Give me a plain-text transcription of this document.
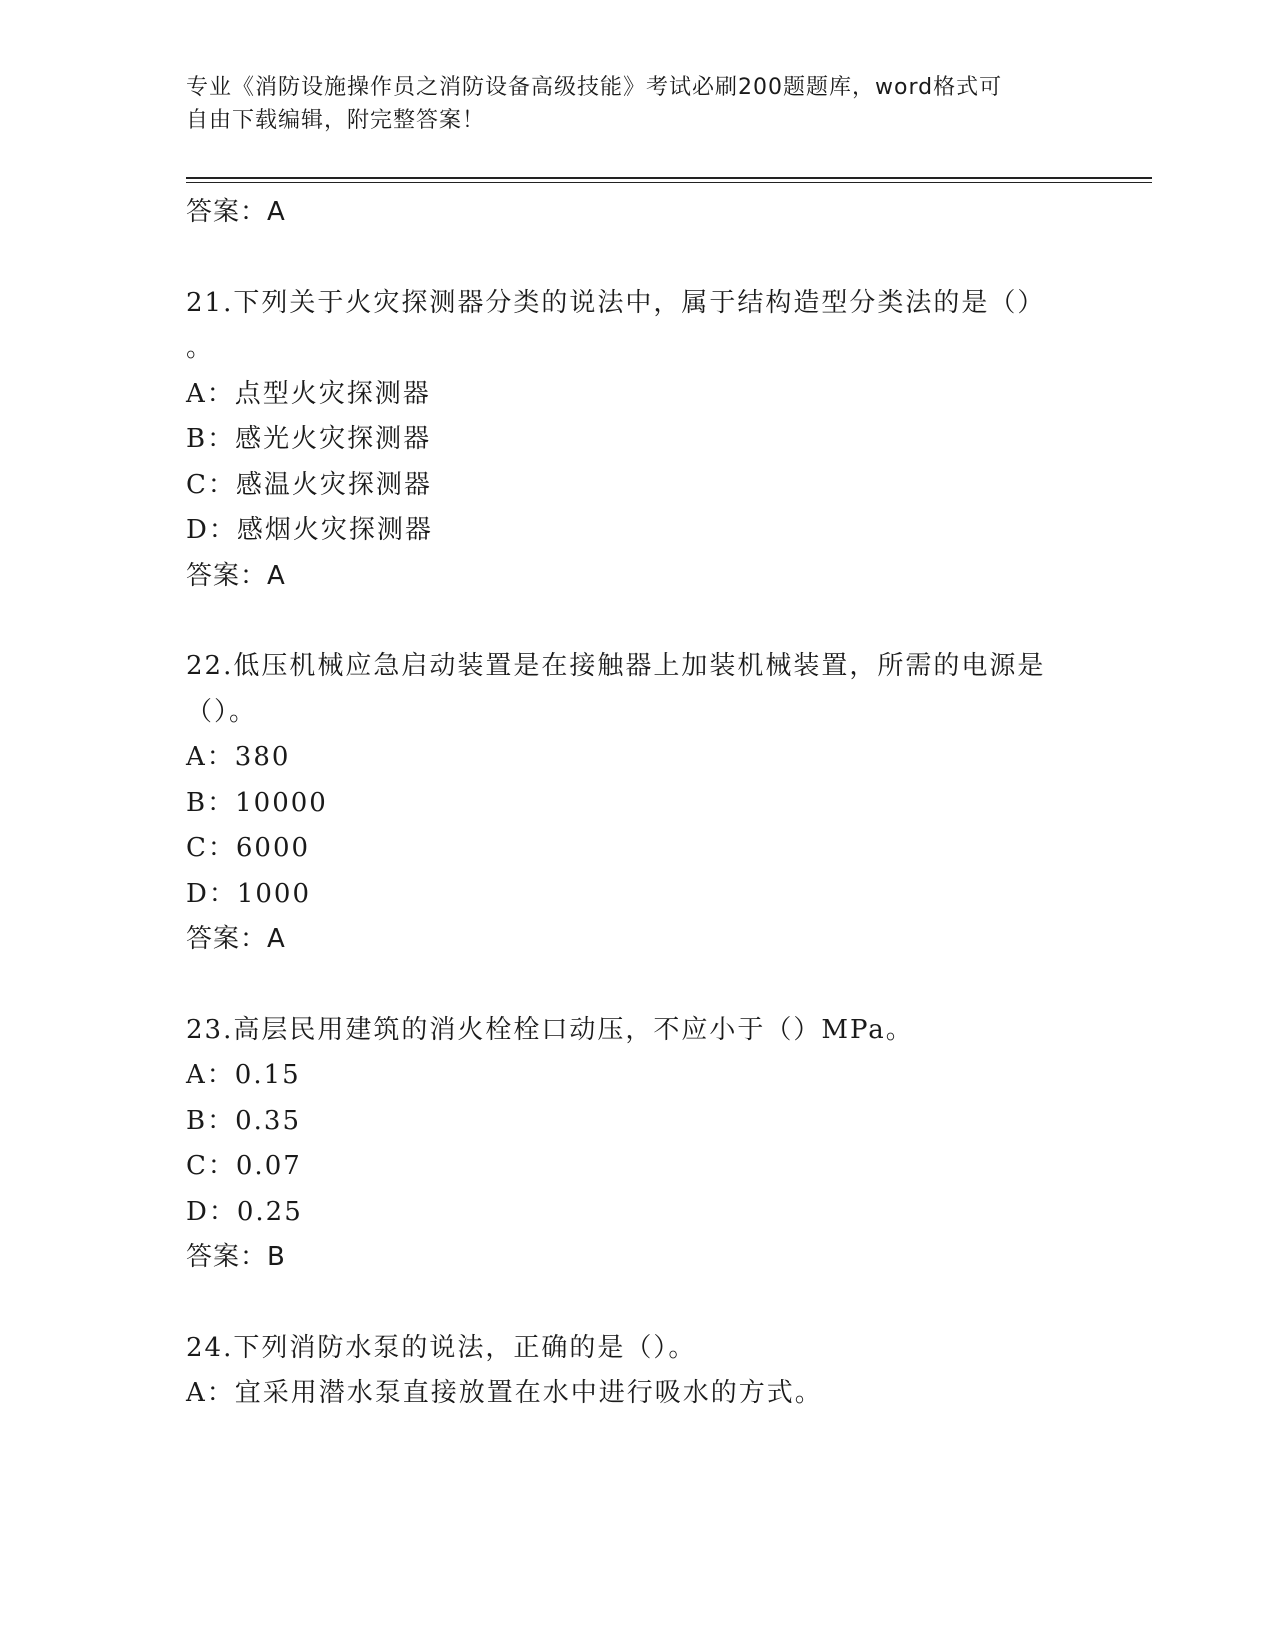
专业《消防设施操作员之消防设备高级技能》考试必刷200题题库，word格式可
自由下载编辑，附完整答案！
答案：A
21.下列关于火灾探测器分类的说法中，属于结构造型分类法的是（）
。
A：点型火灾探测器
B：感光火灾探测器
C：感温火灾探测器
D：感烟火灾探测器
答案：A
22.低压机械应急启动装置是在接触器上加装机械装置，所需的电源是
（）。
A：380
B：10000
C：6000
D：1000
答案：A
23.高层民用建筑的消火栓栓口动压，不应小于（）MPa。
A：0.15
B：0.35
C：0.07
D：0.25
答案：B
24.下列消防水泵的说法，正确的是（）。
A：宜采用潜水泵直接放置在水中进行吸水的方式。
